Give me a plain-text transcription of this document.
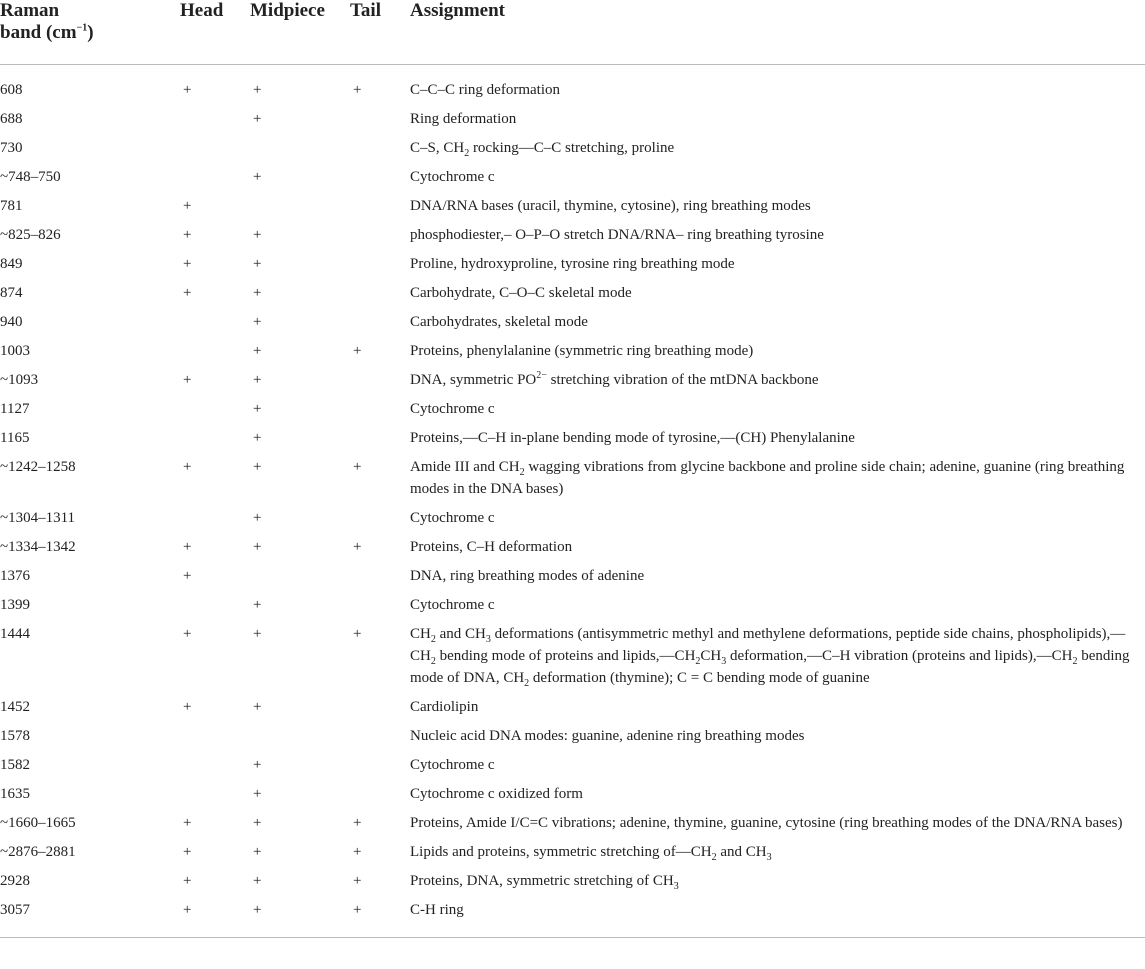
Raman
band $(cm^{-1})$	Head	Midpiece	Tail	Assignment
608	+	+	+	C–C–C ring deformation
688		+		Ring deformation
730				C–S, $CH_2$ rocking—C–C stretching, proline
~748–750		+		Cytochrome c
781	+			DNA/RNA bases (uracil, thymine, cytosine), ring breathing modes
~825–826	+	+		phosphodiester,– O–P–O stretch DNA/RNA– ring breathing tyrosine
849	+	+		Proline, hydroxyproline, tyrosine ring breathing mode
874	+	+		Carbohydrate, C–O–C skeletal mode
940		+		Carbohydrates, skeletal mode
1003		+	+	Proteins, phenylalanine (symmetric ring breathing mode)
~1093	+	+		DNA, symmetric $PO^{2-}$ stretching vibration of the mtDNA backbone
1127		+		Cytochrome c
1165		+		Proteins,—C–H in-plane bending mode of tyrosine,—(CH) Phenylalanine
~1242–1258	+	+	+	Amide III and $CH_2$ wagging vibrations from glycine backbone and proline side chain; adenine, guanine (ring breathing modes in the DNA bases)
~1304–1311		+		Cytochrome c
~1334–1342	+	+	+	Proteins, C–H deformation
1376	+			DNA, ring breathing modes of adenine
1399		+		Cytochrome c
1444	+	+	+	$CH_2$ and $CH_3$ deformations (antisymmetric methyl and methylene deformations, peptide side chains, $phospholipids),—CH_2$ bending mode of proteins and $lipids,—CH_2CH_3$ deformation,—C–H vibration (proteins and $lipids),—CH_2$ bending mode of DNA, $CH_2$ deformation (thymine); C = C bending mode of guanine
1452	+	+		Cardiolipin
1578				Nucleic acid DNA modes: guanine, adenine ring breathing modes
1582		+		Cytochrome c
1635		+		Cytochrome c oxidized form
~1660–1665	+	+	+	Proteins, Amide I/C=C vibrations; adenine, thymine, guanine, cytosine (ring breathing modes of the DNA/RNA bases)
~2876–2881	+	+	+	Lipids and proteins, symmetric stretching $of—CH_2$ and $CH_3$
2928	+	+	+	Proteins, DNA, symmetric stretching of $CH_3$
3057	+	+	+	C-H ring
